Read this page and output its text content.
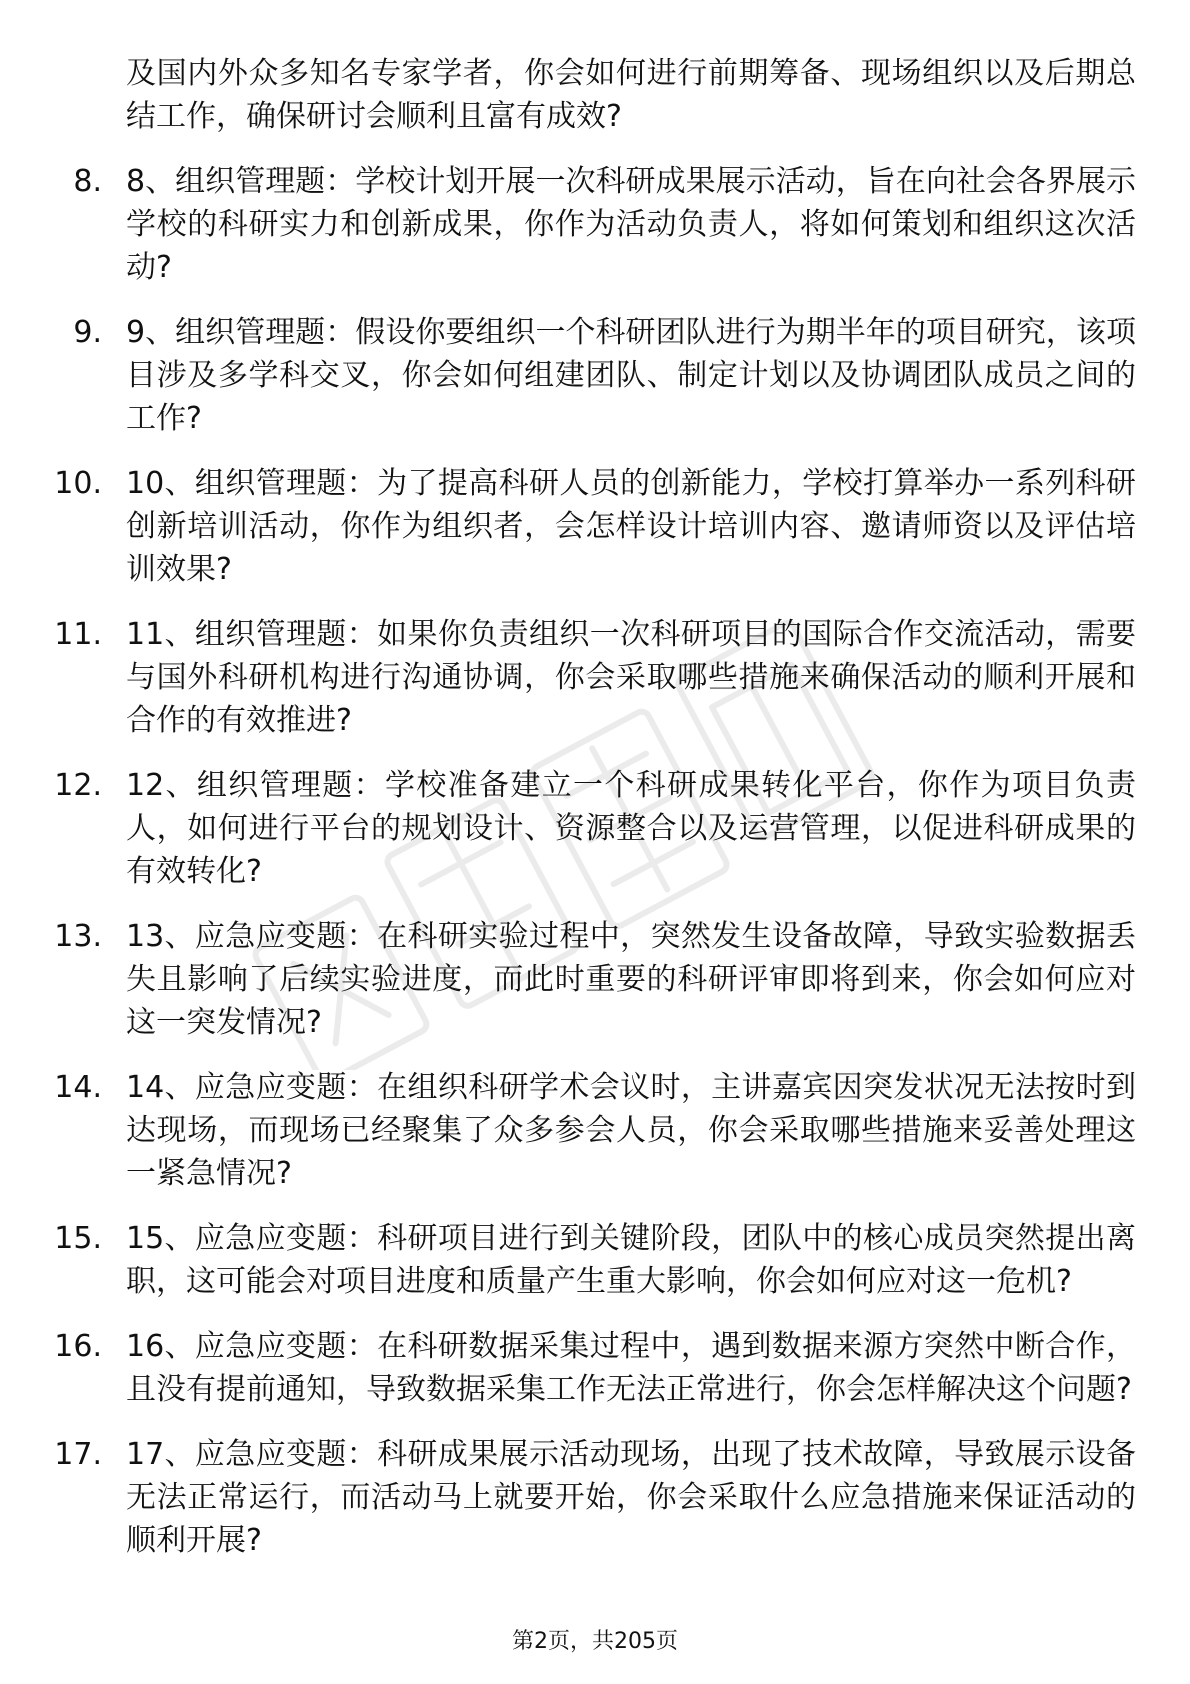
及国内外众多知名专家学者，你会如何进行前期筹备、现场组织以及后期总结工作，确保研讨会顺利且富有成效?
8. 8、组织管理题：学校计划开展一次科研成果展示活动，旨在向社会各界展示学校的科研实力和创新成果，你作为活动负责人，将如何策划和组织这次活动?
9. 9、组织管理题：假设你要组织一个科研团队进行为期半年的项目研究，该项目涉及多学科交叉，你会如何组建团队、制定计划以及协调团队成员之间的工作?
10. 10、组织管理题：为了提高科研人员的创新能力，学校打算举办一系列科研创新培训活动，你作为组织者，会怎样设计培训内容、邀请师资以及评估培训效果?
11. 11、组织管理题：如果你负责组织一次科研项目的国际合作交流活动，需要与国外科研机构进行沟通协调，你会采取哪些措施来确保活动的顺利开展和合作的有效推进?
12. 12、组织管理题：学校准备建立一个科研成果转化平台，你作为项目负责人，如何进行平台的规划设计、资源整合以及运营管理，以促进科研成果的有效转化?
13. 13、应急应变题：在科研实验过程中，突然发生设备故障，导致实验数据丢失且影响了后续实验进度，而此时重要的科研评审即将到来，你会如何应对这一突发情况?
14. 14、应急应变题：在组织科研学术会议时，主讲嘉宾因突发状况无法按时到达现场，而现场已经聚集了众多参会人员，你会采取哪些措施来妥善处理这一紧急情况?
15. 15、应急应变题：科研项目进行到关键阶段，团队中的核心成员突然提出离职，这可能会对项目进度和质量产生重大影响，你会如何应对这一危机?
16. 16、应急应变题：在科研数据采集过程中，遇到数据来源方突然中断合作，且没有提前通知，导致数据采集工作无法正常进行，你会怎样解决这个问题?
17. 17、应急应变题：科研成果展示活动现场，出现了技术故障，导致展示设备无法正常运行，而活动马上就要开始，你会采取什么应急措施来保证活动的顺利开展?
第2页，共205页
